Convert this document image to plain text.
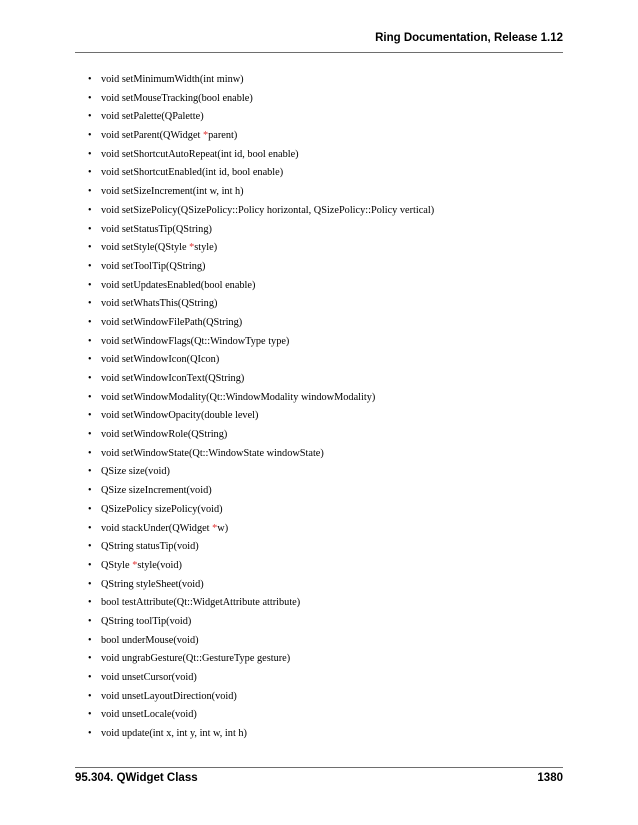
Ring Documentation, Release 1.12
• void setMinimumWidth(int minw)
• void setMouseTracking(bool enable)
• void setPalette(QPalette)
• void setParent(QWidget *parent)
• void setShortcutAutoRepeat(int id, bool enable)
• void setShortcutEnabled(int id, bool enable)
• void setSizeIncrement(int w, int h)
• void setSizePolicy(QSizePolicy::Policy horizontal, QSizePolicy::Policy vertical)
• void setStatusTip(QString)
• void setStyle(QStyle *style)
• void setToolTip(QString)
• void setUpdatesEnabled(bool enable)
• void setWhatsThis(QString)
• void setWindowFilePath(QString)
• void setWindowFlags(Qt::WindowType type)
• void setWindowIcon(QIcon)
• void setWindowIconText(QString)
• void setWindowModality(Qt::WindowModality windowModality)
• void setWindowOpacity(double level)
• void setWindowRole(QString)
• void setWindowState(Qt::WindowState windowState)
• QSize size(void)
• QSize sizeIncrement(void)
• QSizePolicy sizePolicy(void)
• void stackUnder(QWidget *w)
• QString statusTip(void)
• QStyle *style(void)
• QString styleSheet(void)
• bool testAttribute(Qt::WidgetAttribute attribute)
• QString toolTip(void)
• bool underMouse(void)
• void ungrabGesture(Qt::GestureType gesture)
• void unsetCursor(void)
• void unsetLayoutDirection(void)
• void unsetLocale(void)
• void update(int x, int y, int w, int h)
95.304. QWidget Class	1380
